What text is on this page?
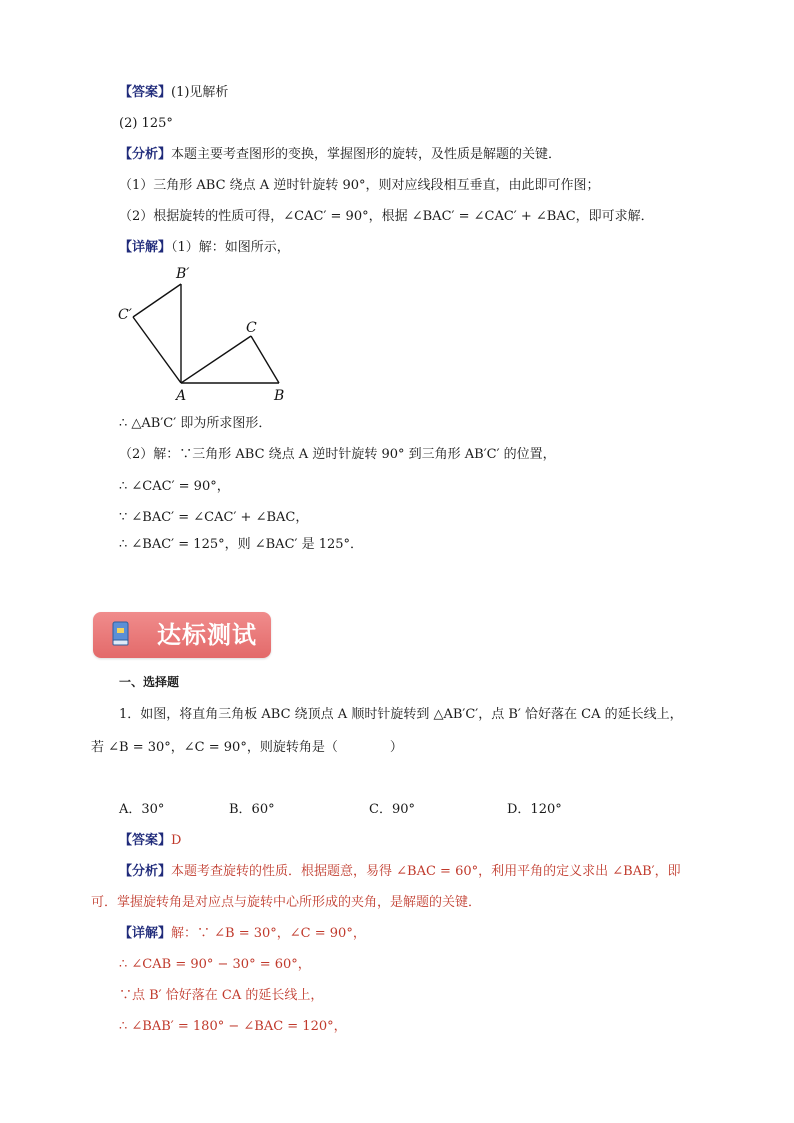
【答案】(1)见解析
(2) 125°
【分析】本题主要考查图形的变换，掌握图形的旋转，及性质是解题的关键．
（1）三角形 ABC 绕点 A 逆时针旋转 90°，则对应线段相互垂直，由此即可作图；
（2）根据旋转的性质可得，∠CAC′ = 90°，根据 ∠BAC′ = ∠CAC′ + ∠BAC，即可求解．
【详解】（1）解：如图所示，
B′
C′
C
A	B
∴ △AB′C′ 即为所求图形．
（2）解：∵三角形 ABC 绕点 A 逆时针旋转 90° 到三角形 AB′C′ 的位置，
∴ ∠CAC′ = 90°，
∵ ∠BAC′ = ∠CAC′ + ∠BAC，
∴ ∠BAC′ = 125°，则 ∠BAC′ 是 125°．
达标测试
一、选择题
1．如图，将直角三角板 ABC 绕顶点 A 顺时针旋转到 △AB′C′，点 B′ 恰好落在 CA 的延长线上，
若 ∠B = 30°，∠C = 90°，则旋转角是（　　　　）
A．30°	B．60°	C．90°	D．120°
【答案】D
【分析】本题考查旋转的性质．根据题意，易得 ∠BAC = 60°，利用平角的定义求出 ∠BAB′，即
可．掌握旋转角是对应点与旋转中心所形成的夹角，是解题的关键．
【详解】解：∵ ∠B = 30°，∠C = 90°，
∴ ∠CAB = 90° − 30° = 60°，
∵点 B′ 恰好落在 CA 的延长线上，
∴ ∠BAB′ = 180° − ∠BAC = 120°，
